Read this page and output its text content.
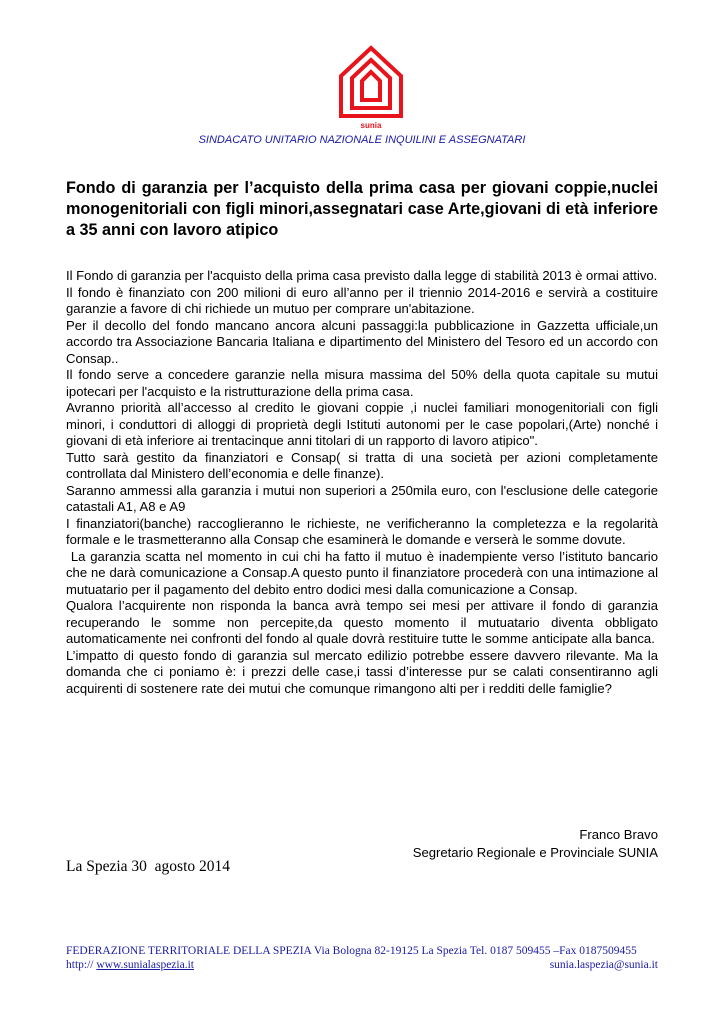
sunia
SINDACATO UNITARIO NAZIONALE INQUILINI E ASSEGNATARI
Fondo di garanzia per l’acquisto della prima casa per giovani coppie,nuclei monogenitoriali con figli minori,assegnatari case Arte,giovani di età inferiore a 35 anni con lavoro atipico

Il Fondo di garanzia per l'acquisto della prima casa previsto dalla legge di stabilità 2013 è ormai attivo.

Il fondo è finanziato con 200 milioni di euro all’anno per il triennio 2014-2016 e servirà a costituire garanzie a favore di chi richiede un mutuo per comprare un'abitazione.

Per il decollo del fondo mancano ancora alcuni passaggi:la pubblicazione in Gazzetta ufficiale,un accordo tra Associazione Bancaria Italiana e dipartimento del Ministero del Tesoro ed un accordo con Consap..

Il fondo serve a concedere garanzie nella misura massima del 50% della quota capitale su mutui ipotecari per l'acquisto e la ristrutturazione della prima casa.

Avranno priorità all’accesso al credito le giovani coppie ,i nuclei familiari monogenitoriali con figli minori, i conduttori di alloggi di proprietà degli Istituti autonomi per le case popolari,(Arte) nonché i giovani di età inferiore ai trentacinque anni titolari di un rapporto di lavoro atipico".

Tutto sarà gestito da finanziatori e Consap( si tratta di una società per azioni completamente controllata dal Ministero dell’economia e delle finanze).

Saranno ammessi alla garanzia i mutui non superiori a 250mila euro, con l'esclusione delle categorie catastali A1, A8 e A9

I finanziatori(banche) raccoglieranno le richieste, ne verificheranno la completezza e la regolarità formale e le trasmetteranno alla Consap che esaminerà le domande e verserà le somme dovute.

La garanzia scatta nel momento in cui chi ha fatto il mutuo è inadempiente verso l’istituto bancario che ne darà comunicazione a Consap.A questo punto il finanziatore procederà con una intimazione al mutuatario per il pagamento del debito entro dodici mesi dalla comunicazione a Consap.

Qualora l’acquirente non risponda la banca avrà tempo sei mesi per attivare il fondo di garanzia recuperando le somme non percepite,da questo momento il mutuatario diventa obbligato automaticamente nei confronti del fondo al quale dovrà restituire tutte le somme anticipate alla banca.

L’impatto di questo fondo di garanzia sul mercato edilizio potrebbe essere davvero rilevante. Ma la domanda che ci poniamo è: i prezzi delle case,i tassi d’interesse pur se calati consentiranno agli acquirenti di sostenere rate dei mutui che comunque rimangono alti per i redditi delle famiglie?

Franco Bravo
Segretario Regionale e Provinciale SUNIA
La Spezia 30  agosto 2014
FEDERAZIONE TERRITORIALE DELLA SPEZIA Via Bologna 82-19125 La Spezia Tel. 0187 509455 –Fax 0187509455
http:// www.sunialaspezia.it	sunia.laspezia@sunia.it
